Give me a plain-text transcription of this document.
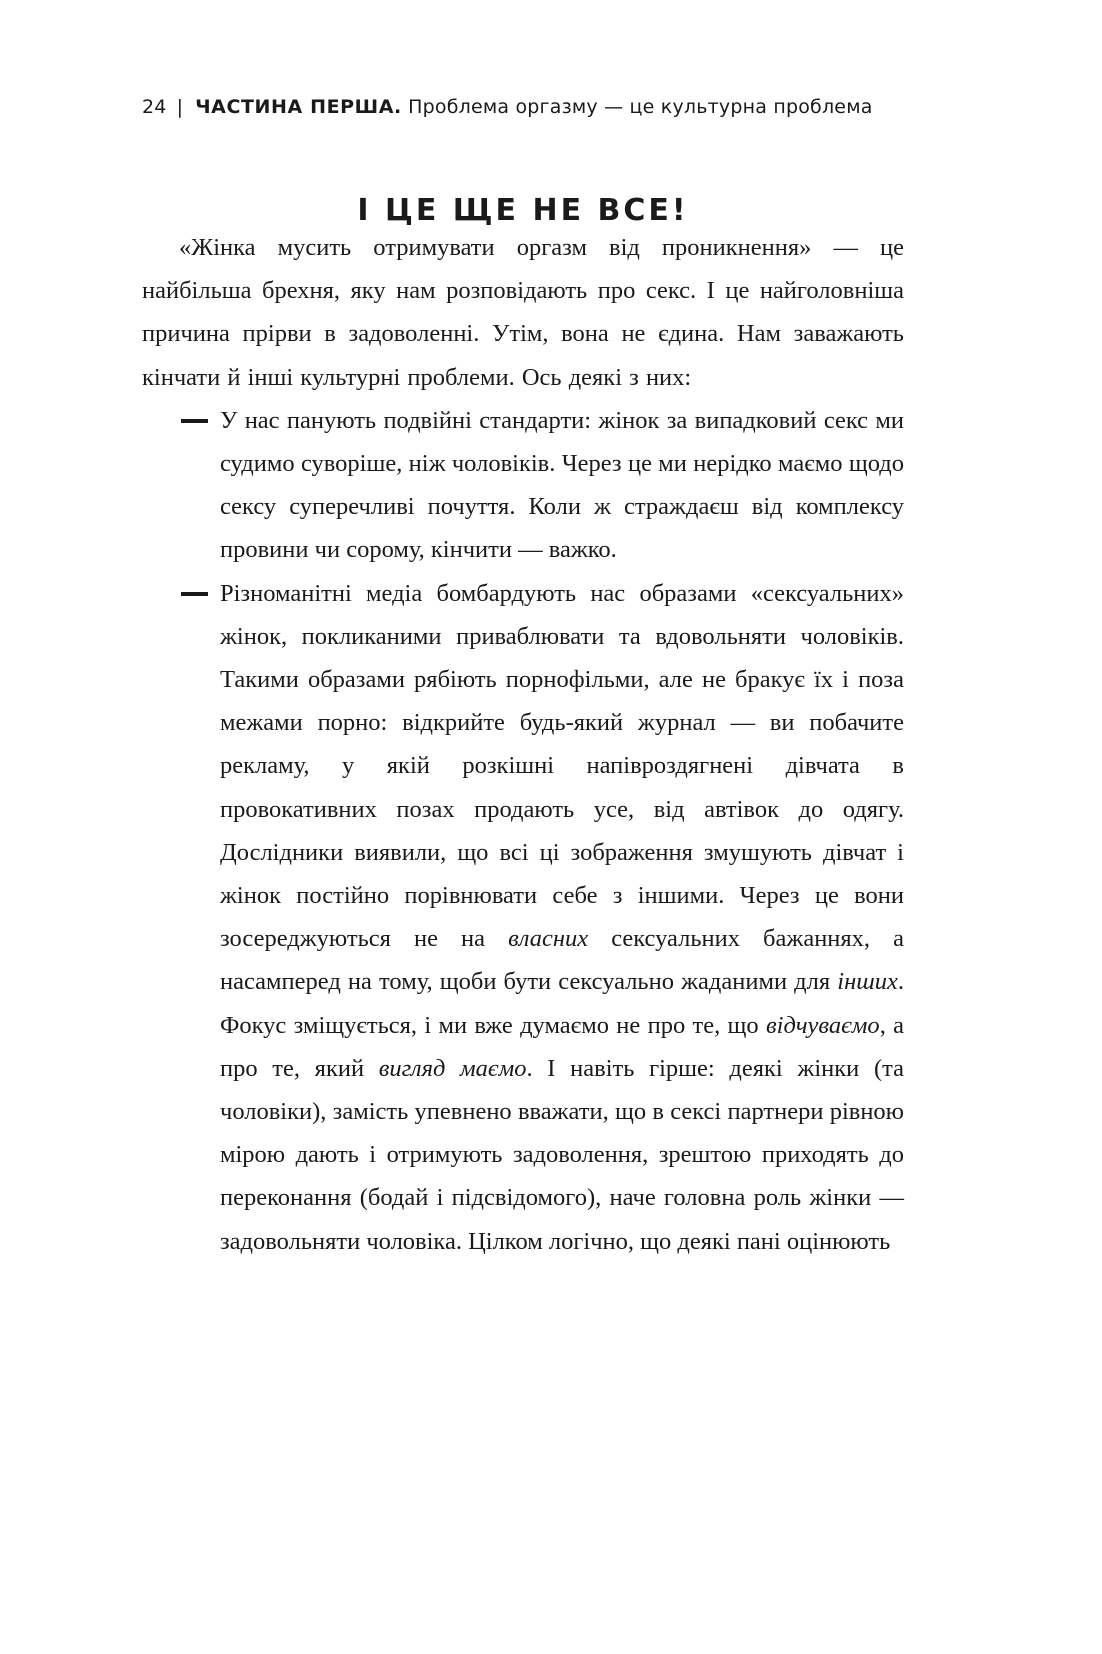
24 | ЧАСТИНА ПЕРША. Проблема оргазму — це культурна проблема
І ЦЕ ЩЕ НЕ ВСЕ!

«Жінка мусить отримувати оргазм від проникнення» — це найбільша брехня, яку нам розповідають про секс. І це найголовніша причина прірви в задоволенні. Утім, вона не єдина. Нам заважають кінчати й інші культурні проблеми. Ось деякі з них:

У нас панують подвійні стандарти: жінок за випадковий секс ми судимо суворіше, ніж чоловіків. Через це ми нерідко маємо щодо сексу суперечливі почуття. Коли ж страждаєш від комплексу провини чи сорому, кінчити — важко.

Різноманітні медіа бомбардують нас образами «сексуальних» жінок, покликаними приваблювати та вдовольняти чоловіків. Такими образами рябіють порнофільми, але не бракує їх і поза межами порно: відкрийте будь-який журнал — ви побачите рекламу, у якій розкішні напівроздягнені дівчата в провокативних позах продають усе, від автівок до одягу. Дослідники виявили, що всі ці зображення змушують дівчат і жінок постійно порівнювати себе з іншими. Через це вони зосереджуються не на власних сексуальних бажаннях, а насамперед на тому, щоби бути сексуально жаданими для інших. Фокус зміщується, і ми вже думаємо не про те, що відчуваємо, а про те, який вигляд маємо. І навіть гірше: деякі жінки (та чоловіки), замість упевнено вважати, що в сексі партнери рівною мірою дають і отримують задоволення, зрештою приходять до переконання (бодай і підсвідомого), наче головна роль жінки — задовольняти чоловіка. Цілком логічно, що деякі пані оцінюють
